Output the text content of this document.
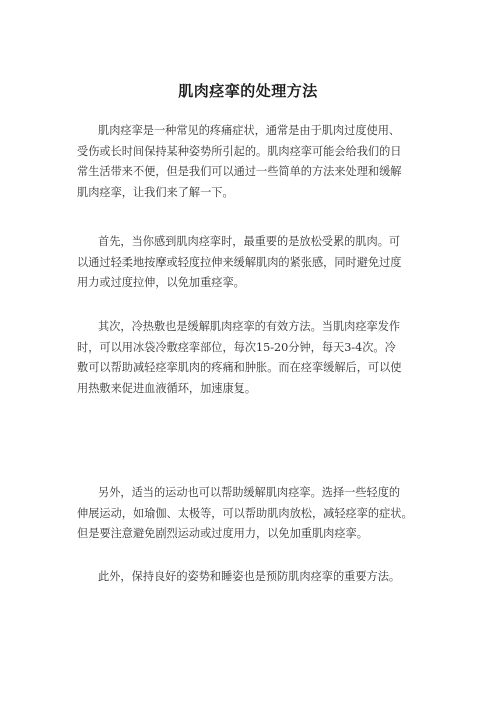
肌肉痉挛的处理方法
肌肉痉挛是一种常见的疼痛症状，通常是由于肌肉过度使用、
受伤或长时间保持某种姿势所引起的。肌肉痉挛可能会给我们的日
常生活带来不便，但是我们可以通过一些简单的方法来处理和缓解
肌肉痉挛，让我们来了解一下。
首先，当你感到肌肉痉挛时，最重要的是放松受累的肌肉。可
以通过轻柔地按摩或轻度拉伸来缓解肌肉的紧张感，同时避免过度
用力或过度拉伸，以免加重痉挛。
其次，冷热敷也是缓解肌肉痉挛的有效方法。当肌肉痉挛发作
时，可以用冰袋冷敷痉挛部位，每次15-20分钟，每天3-4次。冷
敷可以帮助减轻痉挛肌肉的疼痛和肿胀。而在痉挛缓解后，可以使
用热敷来促进血液循环，加速康复。
另外，适当的运动也可以帮助缓解肌肉痉挛。选择一些轻度的
伸展运动，如瑜伽、太极等，可以帮助肌肉放松，减轻痉挛的症状。
但是要注意避免剧烈运动或过度用力，以免加重肌肉痉挛。
此外，保持良好的姿势和睡姿也是预防肌肉痉挛的重要方法。
